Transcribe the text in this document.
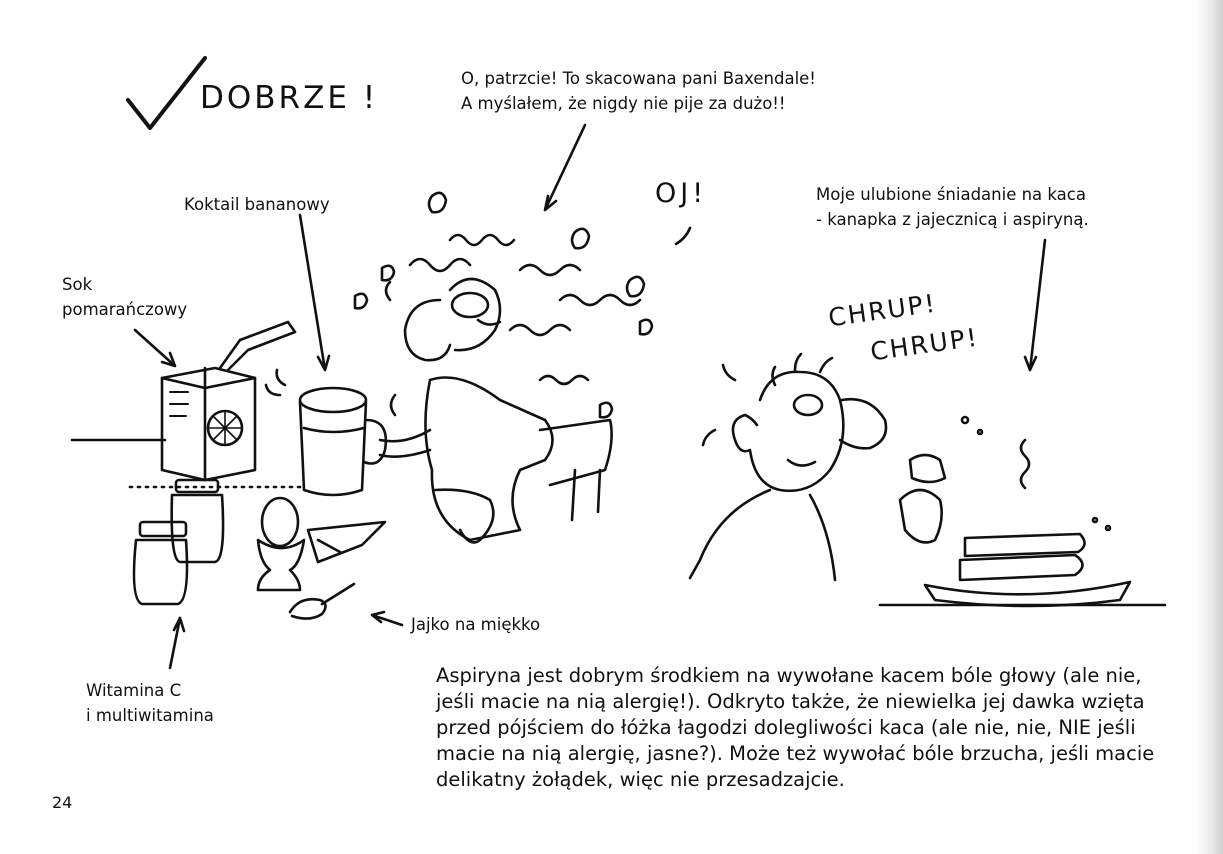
DOBRZE !
OJ!
CHRUP!
CHRUP!
O, patrzcie! To skacowana pani Baxendale!
A myślałem, że nigdy nie pije za dużo!!
Koktail bananowy
Sok
pomarańczowy
Moje ulubione śniadanie na kaca
- kanapka z jajecznicą i aspiryną.
Jajko na miękko
Witamina C
i multiwitamina
Aspiryna jest dobrym środkiem na wywołane kacem bóle głowy (ale nie, jeśli macie na nią alergię!). Odkryto także, że niewielka jej dawka wzięta przed pójściem do łóżka łagodzi dolegliwości kaca (ale nie, nie, NIE jeśli macie na nią alergię, jasne?). Może też wywołać bóle brzucha, jeśli macie delikatny żołądek, więc nie przesadzajcie.
24
